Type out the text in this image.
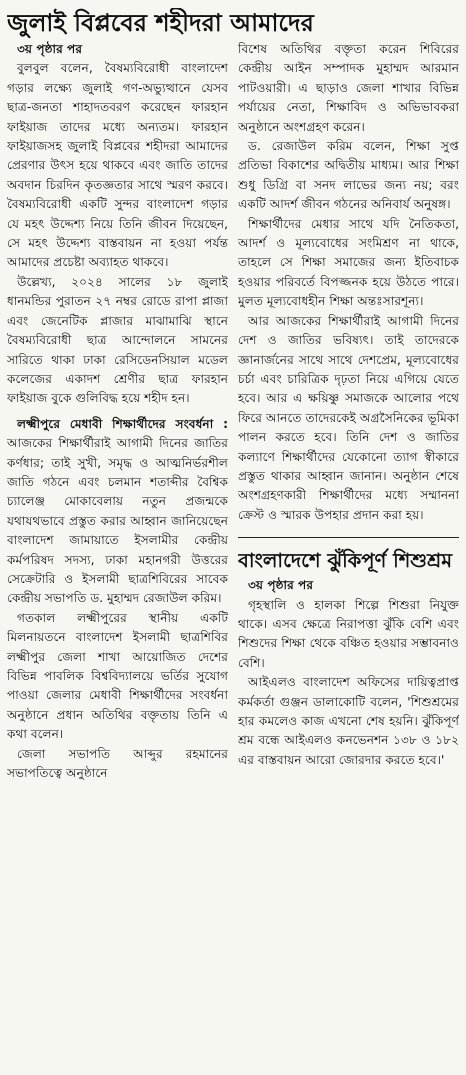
জুলাই বিপ্লবের শহীদরা আমাদের

৩য় পৃষ্ঠার পর

বুলবুল বলেন, বৈষম্যবিরোধী বাংলাদেশ গড়ার লক্ষ্যে জুলাই গণ-অভ্যুত্থানে যেসব ছাত্র-জনতা শাহাদতবরণ করেছেন ফারহান ফাইয়াজ তাদের মধ্যে অন্যতম। ফারহান ফাইয়াজসহ জুলাই বিপ্লবের শহীদরা আমাদের প্রেরণার উৎস হয়ে থাকবে এবং জাতি তাদের অবদান চিরদিন কৃতজ্ঞতার সাথে স্মরণ করবে। বৈষম্যবিরোধী একটি সুন্দর বাংলাদেশ গড়ার যে মহৎ উদ্দেশ্য নিয়ে তিনি জীবন দিয়েছেন, সে মহৎ উদ্দেশ্য বাস্তবায়ন না হওয়া পর্যন্ত আমাদের প্রচেষ্টা অব্যাহত থাকবে।

উল্লেখ্য, ২০২৪ সালের ১৮ জুলাই ধানমন্ডির পুরাতন ২৭ নম্বর রোডে রাপা প্লাজা এবং জেনেটিক প্লাজার মাঝামাঝি স্থানে বৈষম্যবিরোধী ছাত্র আন্দোলনে সামনের সারিতে থাকা ঢাকা রেসিডেনসিয়াল মডেল কলেজের একাদশ শ্রেণীর ছাত্র ফারহান ফাইয়াজ বুকে গুলিবিদ্ধ হয়ে শহীদ হন।

লক্ষ্মীপুরে মেধাবী শিক্ষার্থীদের সংবর্ধনা : আজকের শিক্ষার্থীরাই আগামী দিনের জাতির কর্ণধার; তাই সুখী, সমৃদ্ধ ও আত্মনির্ভরশীল জাতি গঠনে এবং চলমান শতাব্দীর বৈশ্বিক চ্যালেঞ্জ মোকাবেলায় নতুন প্রজন্মকে যথাযথভাবে প্রস্তুত করার আহ্বান জানিয়েছেন বাংলাদেশ জামায়াতে ইসলামীর কেন্দ্রীয় কর্মপরিষদ সদস্য, ঢাকা মহানগরী উত্তরের সেক্রেটারি ও ইসলামী ছাত্রশিবিরের সাবেক কেন্দ্রীয় সভাপতি ড. মুহাম্মদ রেজাউল করিম।

গতকাল লক্ষ্মীপুরের স্থানীয় একটি মিলনায়তনে বাংলাদেশ ইসলামী ছাত্রশিবির লক্ষ্মীপুর জেলা শাখা আয়োজিত দেশের বিভিন্ন পাবলিক বিশ্ববিদ্যালয়ে ভর্তির সুযোগ পাওয়া জেলার মেধাবী শিক্ষার্থীদের সংবর্ধনা অনুষ্ঠানে প্রধান অতিথির বক্তৃতায় তিনি এ কথা বলেন।

জেলা সভাপতি আব্দুর রহমানের সভাপতিত্বে অনুষ্ঠানে

বিশেষ অতিথির বক্তৃতা করেন শিবিরের কেন্দ্রীয় আইন সম্পাদক মুহাম্মদ আরমান পাটওয়ারী। এ ছাড়াও জেলা শাখার বিভিন্ন পর্যায়ের নেতা, শিক্ষাবিদ ও অভিভাবকরা অনুষ্ঠানে অংশগ্রহণ করেন।

ড. রেজাউল করিম বলেন, শিক্ষা সুপ্ত প্রতিভা বিকাশের অদ্বিতীয় মাধ্যম। আর শিক্ষা শুধু ডিগ্রি বা সনদ লাভের জন্য নয়; বরং একটি আদর্শ জীবন গঠনের অনিবার্য অনুষঙ্গ।

শিক্ষার্থীদের মেধার সাথে যদি নৈতিকতা, আদর্শ ও মূল্যবোধের সংমিশ্রণ না থাকে, তাহলে সে শিক্ষা সমাজের জন্য ইতিবাচক হওয়ার পরিবর্তে বিপজ্জনক হয়ে উঠতে পারে। মুলত মূল্যবোধহীন শিক্ষা অন্তঃসারশূন্য।

আর আজকের শিক্ষার্থীরাই আগামী দিনের দেশ ও জাতির ভবিষ্যৎ। তাই তাদেরকে জ্ঞানার্জনের সাথে সাথে দেশপ্রেম, মূল্যবোধের চর্চা এবং চারিত্রিক দৃঢ়তা নিয়ে এগিয়ে যেতে হবে। আর এ ক্ষয়িষ্ণু সমাজকে আলোর পথে ফিরে আনতে তাদেরকেই অগ্রসৈনিকের ভূমিকা পালন করতে হবে। তিনি দেশ ও জাতির কল্যাণে শিক্ষার্থীদের যেকোনো ত্যাগ স্বীকারে প্রস্তুত থাকার আহ্বান জানান। অনুষ্ঠান শেষে অংশগ্রহণকারী শিক্ষার্থীদের মধ্যে সম্মাননা ক্রেস্ট ও স্মারক উপহার প্রদান করা হয়।

বাংলাদেশে ঝুঁকিপূর্ণ শিশুশ্রম

৩য় পৃষ্ঠার পর

গৃহস্থালি ও হালকা শিল্পে শিশুরা নিযুক্ত থাকে। এসব ক্ষেত্রে নিরাপত্তা ঝুঁকি বেশি এবং শিশুদের শিক্ষা থেকে বঞ্চিত হওয়ার সম্ভাবনাও বেশি।

আইএলও বাংলাদেশ অফিসের দায়িত্বপ্রাপ্ত কর্মকর্তা গুঞ্জন ডালাকোটি বলেন, 'শিশুশ্রমের হার কমলেও কাজ এখনো শেষ হয়নি। ঝুঁকিপূর্ণ শ্রম বন্ধে আইএলও কনভেনশন ১৩৮ ও ১৮২ এর বাস্তবায়ন আরো জোরদার করতে হবে।'
